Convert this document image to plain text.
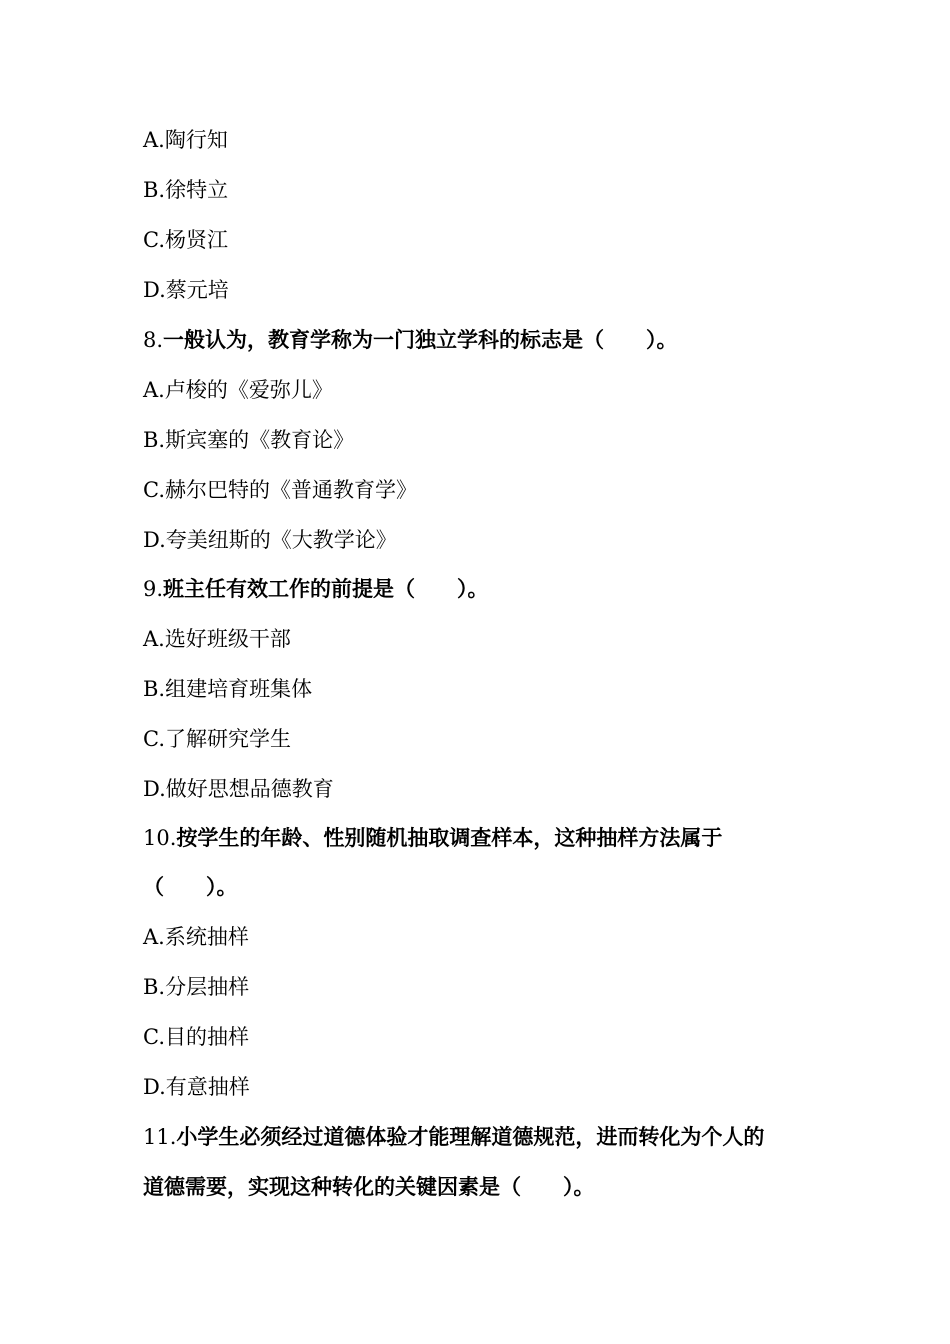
A.陶行知
B.徐特立
C.杨贤江
D.蔡元培
8.一般认为，教育学称为一门独立学科的标志是（　　）。
A.卢梭的《爱弥儿》
B.斯宾塞的《教育论》
C.赫尔巴特的《普通教育学》
D.夸美纽斯的《大教学论》
9.班主任有效工作的前提是（　　）。
A.选好班级干部
B.组建培育班集体
C.了解研究学生
D.做好思想品德教育
10.按学生的年龄、性别随机抽取调查样本，这种抽样方法属于
（　　）。
A.系统抽样
B.分层抽样
C.目的抽样
D.有意抽样
11.小学生必须经过道德体验才能理解道德规范，进而转化为个人的
道德需要，实现这种转化的关键因素是（　　）。
